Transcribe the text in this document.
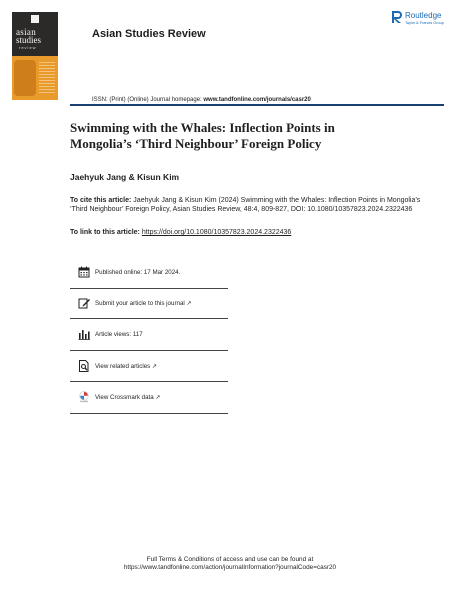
asian
studies
review
Asian Studies Review
Routledge
Taylor & Francis Group
ISSN: (Print) (Online) Journal homepage: www.tandfonline.com/journals/casr20
Swimming with the Whales: Inflection Points in
Mongolia’s ‘Third Neighbour’ Foreign Policy
Jaehyuk Jang & Kisun Kim
To cite this article: Jaehyuk Jang & Kisun Kim (2024) Swimming with the Whales: Inflection Points in Mongolia’s ‘Third Neighbour’ Foreign Policy, Asian Studies Review, 48:4, 809-827, DOI: 10.1080/10357823.2024.2322436
To link to this article: https://doi.org/10.1080/10357823.2024.2322436
Published online: 17 Mar 2024.
Submit your article to this journal ↗
Article views: 117
View related articles ↗
CrossMark
View Crossmark data ↗
Full Terms & Conditions of access and use can be found at
https://www.tandfonline.com/action/journalInformation?journalCode=casr20
